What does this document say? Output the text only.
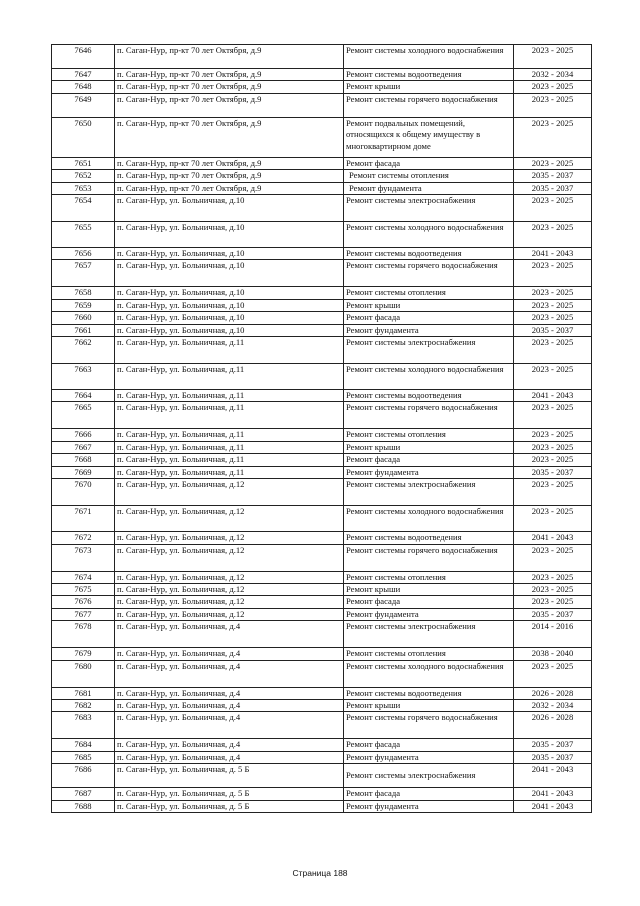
7646	п. Саган-Нур, пр-кт 70 лет Октября, д.9	Ремонт системы холодного водоснабжения	2023 - 2025
7647	п. Саган-Нур, пр-кт 70 лет Октября, д.9	Ремонт системы водоотведения	2032 - 2034
7648	п. Саган-Нур, пр-кт 70 лет Октября, д.9	Ремонт крыши	2023 - 2025
7649	п. Саган-Нур, пр-кт 70 лет Октября, д.9	Ремонт системы горячего водоснабжения	2023 - 2025
7650	п. Саган-Нур, пр-кт 70 лет Октября, д.9	Ремонт подвальных помещений, относящихся к общему имуществу в многоквартирном доме	2023 - 2025
7651	п. Саган-Нур, пр-кт 70 лет Октября, д.9	Ремонт фасада	2023 - 2025
7652	п. Саган-Нур, пр-кт 70 лет Октября, д.9	Ремонт системы отопления	2035 - 2037
7653	п. Саган-Нур, пр-кт 70 лет Октября, д.9	Ремонт фундамента	2035 - 2037
7654	п. Саган-Нур, ул. Больничная, д.10	Ремонт системы электроснабжения	2023 - 2025
7655	п. Саган-Нур, ул. Больничная, д.10	Ремонт системы холодного водоснабжения	2023 - 2025
7656	п. Саган-Нур, ул. Больничная, д.10	Ремонт системы водоотведения	2041 - 2043
7657	п. Саган-Нур, ул. Больничная, д.10	Ремонт системы горячего водоснабжения	2023 - 2025
7658	п. Саган-Нур, ул. Больничная, д.10	Ремонт системы отопления	2023 - 2025
7659	п. Саган-Нур, ул. Больничная, д.10	Ремонт крыши	2023 - 2025
7660	п. Саган-Нур, ул. Больничная, д.10	Ремонт фасада	2023 - 2025
7661	п. Саган-Нур, ул. Больничная, д.10	Ремонт фундамента	2035 - 2037
7662	п. Саган-Нур, ул. Больничная, д.11	Ремонт системы электроснабжения	2023 - 2025
7663	п. Саган-Нур, ул. Больничная, д.11	Ремонт системы холодного водоснабжения	2023 - 2025
7664	п. Саган-Нур, ул. Больничная, д.11	Ремонт системы водоотведения	2041 - 2043
7665	п. Саган-Нур, ул. Больничная, д.11	Ремонт системы горячего водоснабжения	2023 - 2025
7666	п. Саган-Нур, ул. Больничная, д.11	Ремонт системы отопления	2023 - 2025
7667	п. Саган-Нур, ул. Больничная, д.11	Ремонт крыши	2023 - 2025
7668	п. Саган-Нур, ул. Больничная, д.11	Ремонт фасада	2023 - 2025
7669	п. Саган-Нур, ул. Больничная, д.11	Ремонт фундамента	2035 - 2037
7670	п. Саган-Нур, ул. Больничная, д.12	Ремонт системы электроснабжения	2023 - 2025
7671	п. Саган-Нур, ул. Больничная, д.12	Ремонт системы холодного водоснабжения	2023 - 2025
7672	п. Саган-Нур, ул. Больничная, д.12	Ремонт системы водоотведения	2041 - 2043
7673	п. Саган-Нур, ул. Больничная, д.12	Ремонт системы горячего водоснабжения	2023 - 2025
7674	п. Саган-Нур, ул. Больничная, д.12	Ремонт системы отопления	2023 - 2025
7675	п. Саган-Нур, ул. Больничная, д.12	Ремонт крыши	2023 - 2025
7676	п. Саган-Нур, ул. Больничная, д.12	Ремонт фасада	2023 - 2025
7677	п. Саган-Нур, ул. Больничная, д.12	Ремонт фундамента	2035 - 2037
7678	п. Саган-Нур, ул. Больничная, д.4	Ремонт системы электроснабжения	2014 - 2016
7679	п. Саган-Нур, ул. Больничная, д.4	Ремонт системы отопления	2038 - 2040
7680	п. Саган-Нур, ул. Больничная, д.4	Ремонт системы холодного водоснабжения	2023 - 2025
7681	п. Саган-Нур, ул. Больничная, д.4	Ремонт системы водоотведения	2026 - 2028
7682	п. Саган-Нур, ул. Больничная, д.4	Ремонт крыши	2032 - 2034
7683	п. Саган-Нур, ул. Больничная, д.4	Ремонт системы горячего водоснабжения	2026 - 2028
7684	п. Саган-Нур, ул. Больничная, д.4	Ремонт фасада	2035 - 2037
7685	п. Саган-Нур, ул. Больничная, д.4	Ремонт фундамента	2035 - 2037
7686	п. Саган-Нур, ул. Больничная, д. 5 Б	Ремонт системы электроснабжения	2041 - 2043
7687	п. Саган-Нур, ул. Больничная, д. 5 Б	Ремонт фасада	2041 - 2043
7688	п. Саган-Нур, ул. Больничная, д. 5 Б	Ремонт фундамента	2041 - 2043
Страница 188
